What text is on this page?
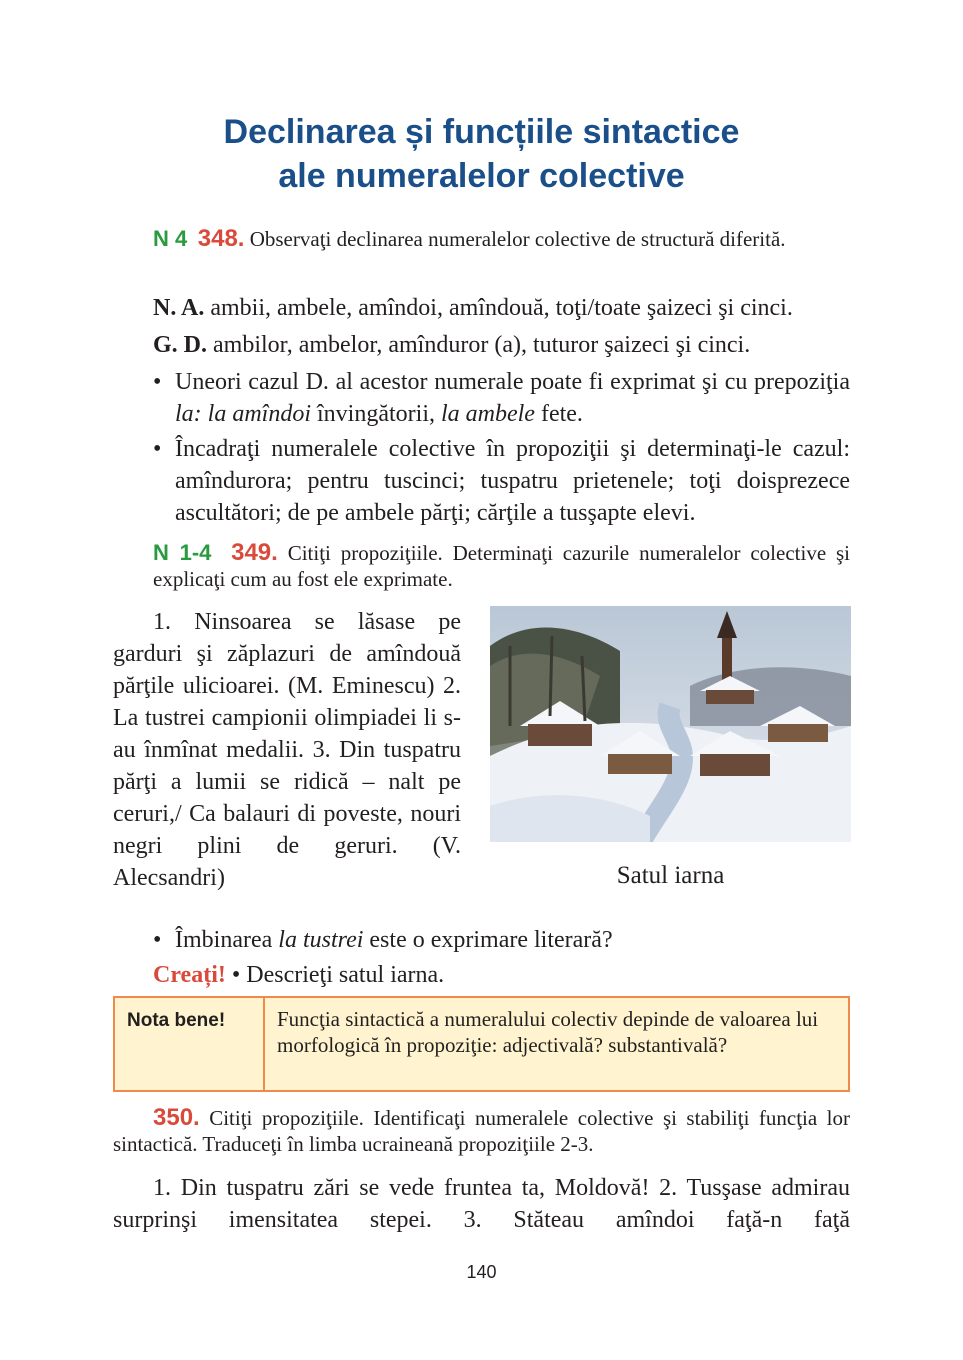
Declinarea și funcțiile sintactice
ale numeralelor colective
N 4 348. Observaţi declinarea numeralelor colective de structură diferită.
N. A. ambii, ambele, amîndoi, amîndouă, toţi/toate şaizeci şi cinci.
G. D. ambilor, ambelor, amînduror (a), tuturor şaizeci şi cinci.
• Uneori cazul D. al acestor numerale poate fi exprimat şi cu prepoziţia la: la amîndoi învingătorii, la ambele fete.
• Încadraţi numeralele colective în propoziţii şi determinaţi-le cazul: amîndurora; pentru tuscinci; tuspatru prietenele; toţi doisprezece ascultători; de pe ambele părţi; cărţile a tusşapte elevi.
N 1-4 349. Citiţi propoziţiile. Determinaţi cazurile numeralelor colective şi explicaţi cum au fost ele exprimate.
1. Ninsoarea se lăsase pe garduri şi zăplazuri de amîndouă părţile ulicioarei. (M. Eminescu) 2. La tustrei campionii olimpiadei li s-au înmînat medalii. 3. Din tuspatru părţi a lumii se ridică – nalt pe ceruri,/ Ca balauri di poveste, nouri negri plini de geruri. (V. Alecsandri)	Satul iarna
• Îmbinarea la tustrei este o exprimare literară?
Creați! • Descrieţi satul iarna.
Nota bene!	Funcţia sintactică a numeralului colectiv depinde de valoarea lui morfologică în propoziţie: adjectivală? substantivală?
350. Citiţi propoziţiile. Identificaţi numeralele colective şi stabiliţi funcţia lor sintactică. Traduceţi în limba ucraineană propoziţiile 2-3.
1. Din tuspatru zări se vede fruntea ta, Moldovă! 2. Tusşase admirau surprinşi imensitatea stepei. 3. Stăteau amîndoi faţă-n faţă
140
